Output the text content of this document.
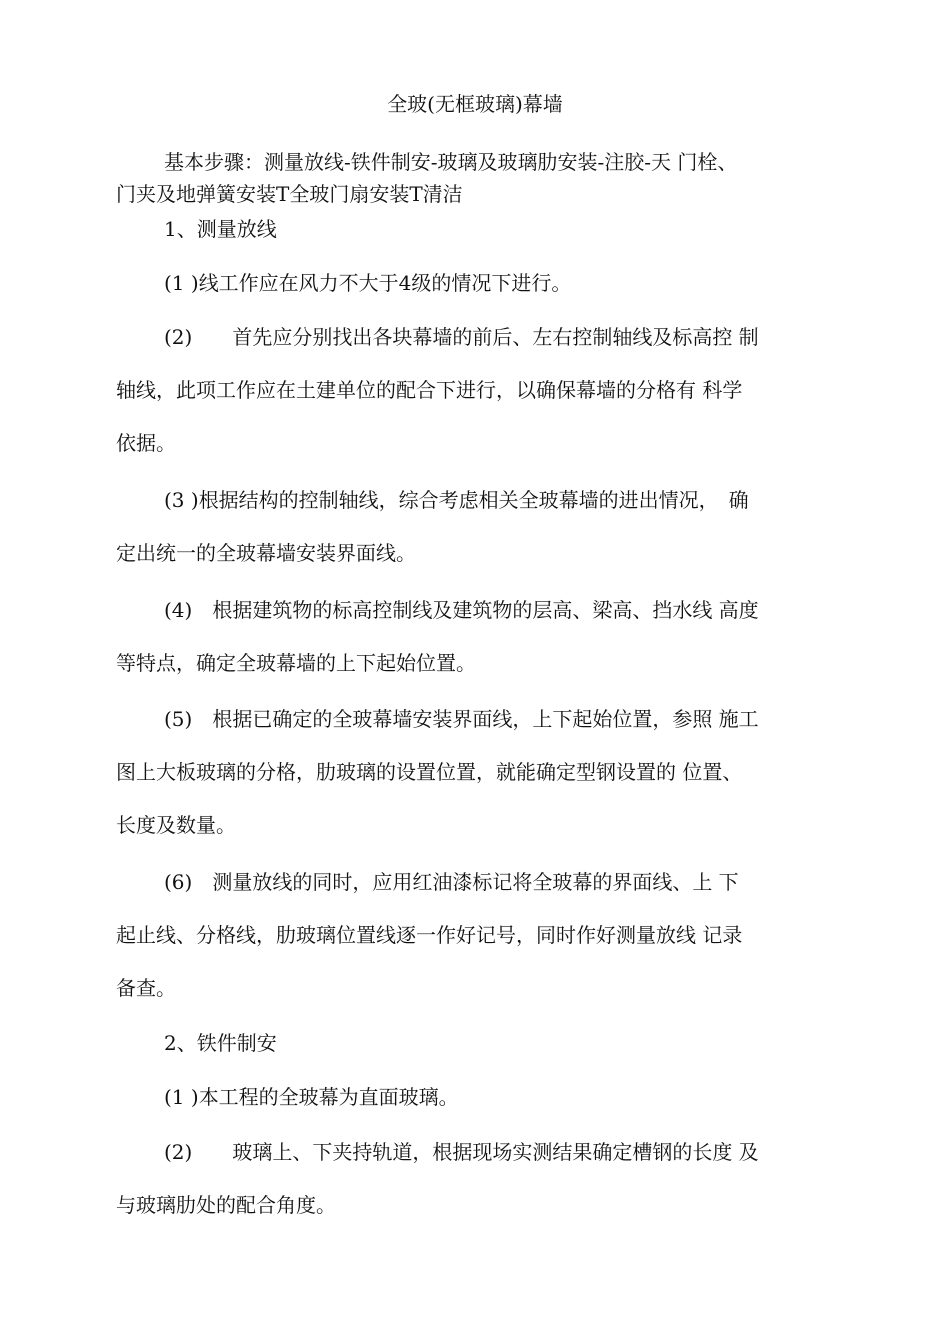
全玻(无框玻璃)幕墙
基本步骤：测量放线-铁件制安-玻璃及玻璃肋安装-注胶-天 门栓、
门夹及地弹簧安装T全玻门扇安装T清洁
1、测量放线
(1 )线工作应在风力不大于4级的情况下进行。
(2)　　首先应分别找出各块幕墙的前后、左右控制轴线及标高控 制
轴线，此项工作应在土建单位的配合下进行，以确保幕墙的分格有 科学
依据。
(3 )根据结构的控制轴线，综合考虑相关全玻幕墙的进出情况，　确
定出统一的全玻幕墙安装界面线。
(4)　根据建筑物的标高控制线及建筑物的层高、梁高、挡水线 高度
等特点，确定全玻幕墙的上下起始位置。
(5)　根据已确定的全玻幕墙安装界面线，上下起始位置，参照 施工
图上大板玻璃的分格，肋玻璃的设置位置，就能确定型钢设置的 位置、
长度及数量。
(6)　测量放线的同时，应用红油漆标记将全玻幕的界面线、上 下
起止线、分格线，肋玻璃位置线逐一作好记号，同时作好测量放线 记录
备查。
2、铁件制安
(1 )本工程的全玻幕为直面玻璃。
(2)　　玻璃上、下夹持轨道，根据现场实测结果确定槽钢的长度 及
与玻璃肋处的配合角度。
